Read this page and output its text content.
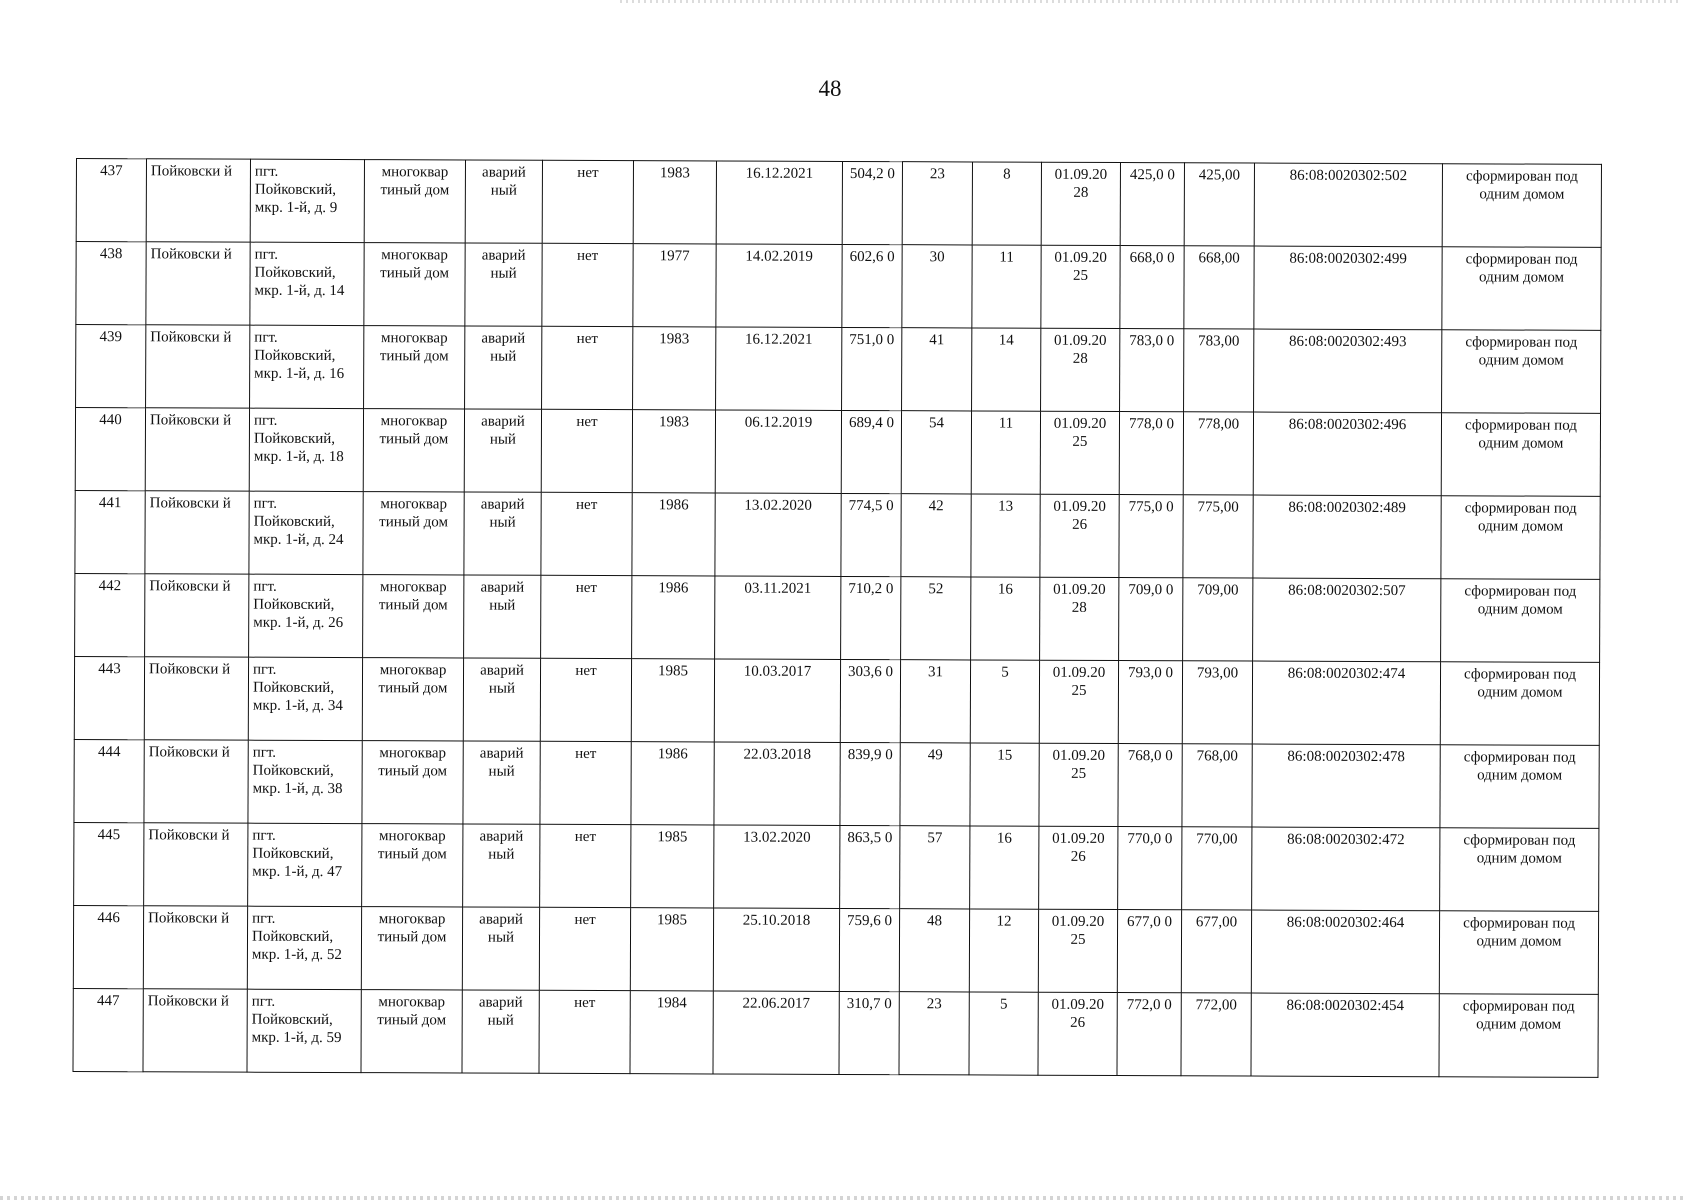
48
437	Пойковски й	пгт. Пойковский, мкр. 1-й, д. 9	многоквар тиный дом	аварий ный	нет	1983	16.12.2021	504,2 0	23	8	01.09.20 28	425,0 0	425,00	86:08:0020302:502	сформирован под одним домом
438	Пойковски й	пгт. Пойковский, мкр. 1-й, д. 14	многоквар тиный дом	аварий ный	нет	1977	14.02.2019	602,6 0	30	11	01.09.20 25	668,0 0	668,00	86:08:0020302:499	сформирован под одним домом
439	Пойковски й	пгт. Пойковский, мкр. 1-й, д. 16	многоквар тиный дом	аварий ный	нет	1983	16.12.2021	751,0 0	41	14	01.09.20 28	783,0 0	783,00	86:08:0020302:493	сформирован под одним домом
440	Пойковски й	пгт. Пойковский, мкр. 1-й, д. 18	многоквар тиный дом	аварий ный	нет	1983	06.12.2019	689,4 0	54	11	01.09.20 25	778,0 0	778,00	86:08:0020302:496	сформирован под одним домом
441	Пойковски й	пгт. Пойковский, мкр. 1-й, д. 24	многоквар тиный дом	аварий ный	нет	1986	13.02.2020	774,5 0	42	13	01.09.20 26	775,0 0	775,00	86:08:0020302:489	сформирован под одним домом
442	Пойковски й	пгт. Пойковский, мкр. 1-й, д. 26	многоквар тиный дом	аварий ный	нет	1986	03.11.2021	710,2 0	52	16	01.09.20 28	709,0 0	709,00	86:08:0020302:507	сформирован под одним домом
443	Пойковски й	пгт. Пойковский, мкр. 1-й, д. 34	многоквар тиный дом	аварий ный	нет	1985	10.03.2017	303,6 0	31	5	01.09.20 25	793,0 0	793,00	86:08:0020302:474	сформирован под одним домом
444	Пойковски й	пгт. Пойковский, мкр. 1-й, д. 38	многоквар тиный дом	аварий ный	нет	1986	22.03.2018	839,9 0	49	15	01.09.20 25	768,0 0	768,00	86:08:0020302:478	сформирован под одним домом
445	Пойковски й	пгт. Пойковский, мкр. 1-й, д. 47	многоквар тиный дом	аварий ный	нет	1985	13.02.2020	863,5 0	57	16	01.09.20 26	770,0 0	770,00	86:08:0020302:472	сформирован под одним домом
446	Пойковски й	пгт. Пойковский, мкр. 1-й, д. 52	многоквар тиный дом	аварий ный	нет	1985	25.10.2018	759,6 0	48	12	01.09.20 25	677,0 0	677,00	86:08:0020302:464	сформирован под одним домом
447	Пойковски й	пгт. Пойковский, мкр. 1-й, д. 59	многоквар тиный дом	аварий ный	нет	1984	22.06.2017	310,7 0	23	5	01.09.20 26	772,0 0	772,00	86:08:0020302:454	сформирован под одним домом
